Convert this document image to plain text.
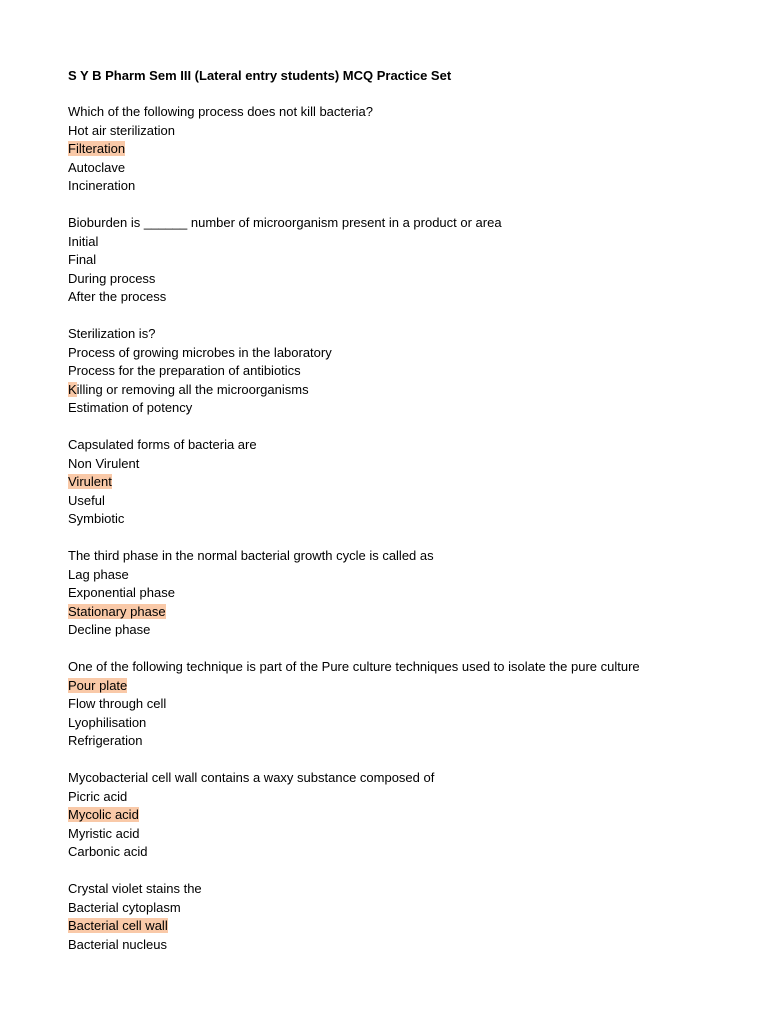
S Y B Pharm Sem III (Lateral entry students) MCQ Practice Set
Which of the following process does not kill bacteria?
Hot air sterilization
Filteration
Autoclave
Incineration
Bioburden is ______ number of microorganism present in a product or area
Initial
Final
During process
After the process
Sterilization is?
Process of growing microbes in the laboratory
Process for the preparation of antibiotics
Killing or removing all the microorganisms
Estimation of potency
Capsulated forms of bacteria are
Non Virulent
Virulent
Useful
Symbiotic
The third phase in the normal bacterial growth cycle is called as
Lag phase
Exponential phase
Stationary phase
Decline phase
One of the following technique is part of the Pure culture techniques used to isolate the pure culture
Pour plate
Flow through cell
Lyophilisation
Refrigeration
Mycobacterial cell wall contains a waxy substance composed of
Picric acid
Mycolic acid
Myristic acid
Carbonic acid
Crystal violet stains the
Bacterial cytoplasm
Bacterial cell wall
Bacterial nucleus
